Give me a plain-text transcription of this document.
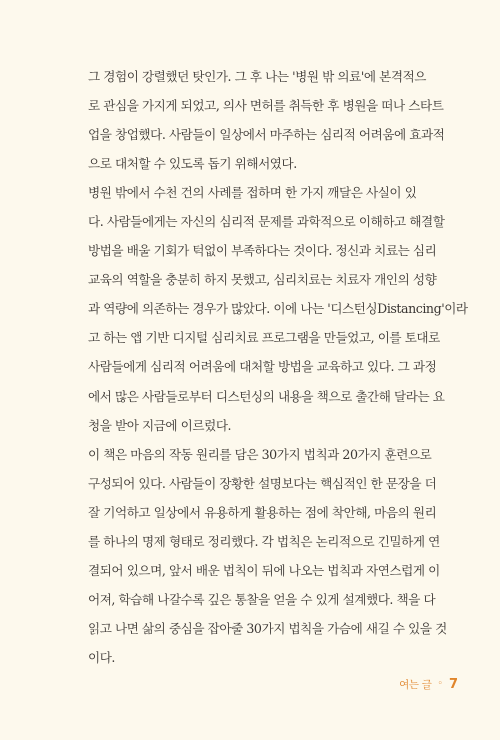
그 경험이 강렬했던 탓인가. 그 후 나는 '병원 밖 의료'에 본격적으
로 관심을 가지게 되었고, 의사 면허를 취득한 후 병원을 떠나 스타트
업을 창업했다. 사람들이 일상에서 마주하는 심리적 어려움에 효과적
으로 대처할 수 있도록 돕기 위해서였다.
병원 밖에서 수천 건의 사례를 접하며 한 가지 깨달은 사실이 있
다. 사람들에게는 자신의 심리적 문제를 과학적으로 이해하고 해결할
방법을 배울 기회가 턱없이 부족하다는 것이다. 정신과 치료는 심리
교육의 역할을 충분히 하지 못했고, 심리치료는 치료자 개인의 성향
과 역량에 의존하는 경우가 많았다. 이에 나는 '디스턴싱Distancing'이라
고 하는 앱 기반 디지털 심리치료 프로그램을 만들었고, 이를 토대로
사람들에게 심리적 어려움에 대처할 방법을 교육하고 있다. 그 과정
에서 많은 사람들로부터 디스턴싱의 내용을 책으로 출간해 달라는 요
청을 받아 지금에 이르렀다.
이 책은 마음의 작동 원리를 담은 30가지 법칙과 20가지 훈련으로
구성되어 있다. 사람들이 장황한 설명보다는 핵심적인 한 문장을 더
잘 기억하고 일상에서 유용하게 활용하는 점에 착안해, 마음의 원리
를 하나의 명제 형태로 정리했다. 각 법칙은 논리적으로 긴밀하게 연
결되어 있으며, 앞서 배운 법칙이 뒤에 나오는 법칙과 자연스럽게 이
어져, 학습해 나갈수록 깊은 통찰을 얻을 수 있게 설계했다. 책을 다
읽고 나면 삶의 중심을 잡아줄 30가지 법칙을 가슴에 새길 수 있을 것
이다.
여는 글 ◦ 7
